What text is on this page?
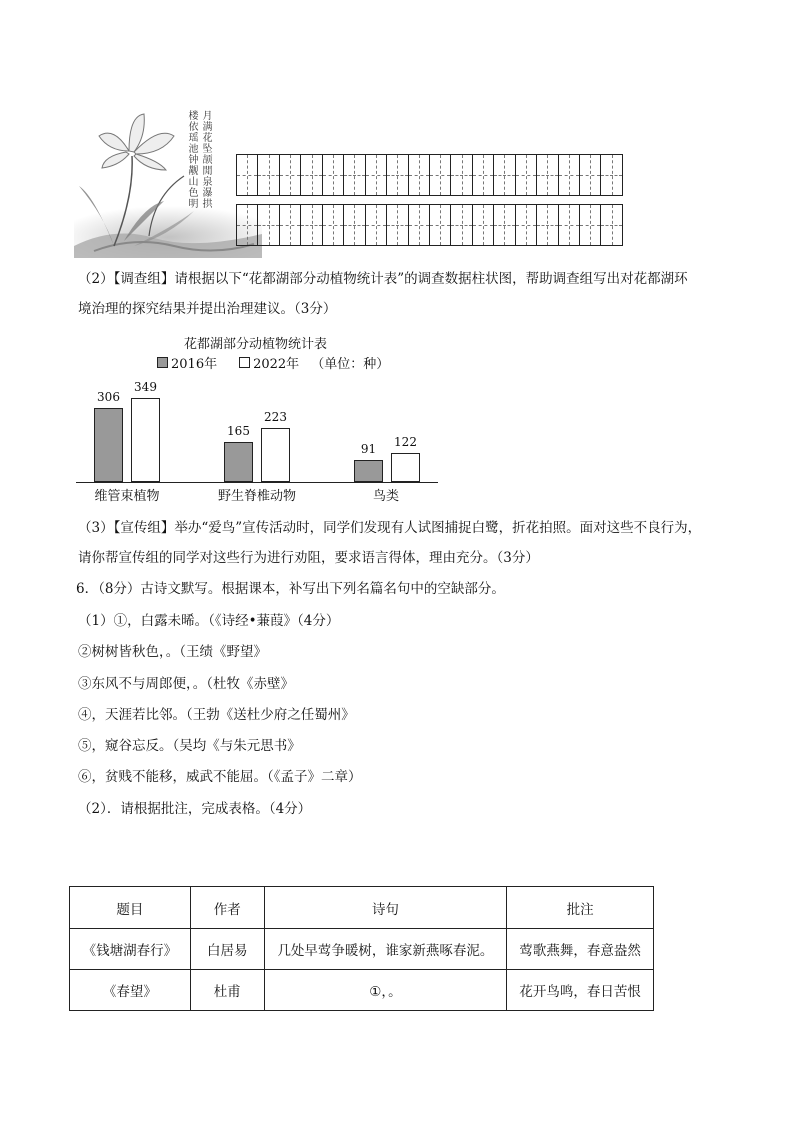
月满花坠颉閒泉瀑拱
楼依瑶池钟觏山色明
（2）【调查组】请根据以下“花都湖部分动植物统计表”的调查数据柱状图，帮助调查组写出对花都湖环
境治理的探究结果并提出治理建议。（3分）
花都湖部分动植物统计表
2016年	2022年 （单位：种）
306
349
维管束植物
165
223
野生脊椎动物
91	122
鸟类
（3）【宣传组】举办“爱鸟”宣传活动时，同学们发现有人试图捕捉白鹭，折花拍照。面对这些不良行为，
请你帮宣传组的同学对这些行为进行劝阻，要求语言得体，理由充分。（3分）
6．（8分）古诗文默写。根据课本，补写出下列名篇名句中的空缺部分。
（1）①，白露未晞。（《诗经•蒹葭》（4分）
②树树皆秋色，。（王绩《野望》
③东风不与周郎便，。（杜牧《赤壁》
④，天涯若比邻。（王勃《送杜少府之任蜀州》
⑤，窥谷忘反。（吴均《与朱元思书》
⑥，贫贱不能移，威武不能屈。（《孟子》二章）
（2）．请根据批注，完成表格。（4分）
题目	作者	诗句	批注
《钱塘湖春行》	白居易	几处早莺争暖树，谁家新燕啄春泥。	莺歌燕舞，春意盎然
《春望》	杜甫	①，。	花开鸟鸣，春日苦恨
